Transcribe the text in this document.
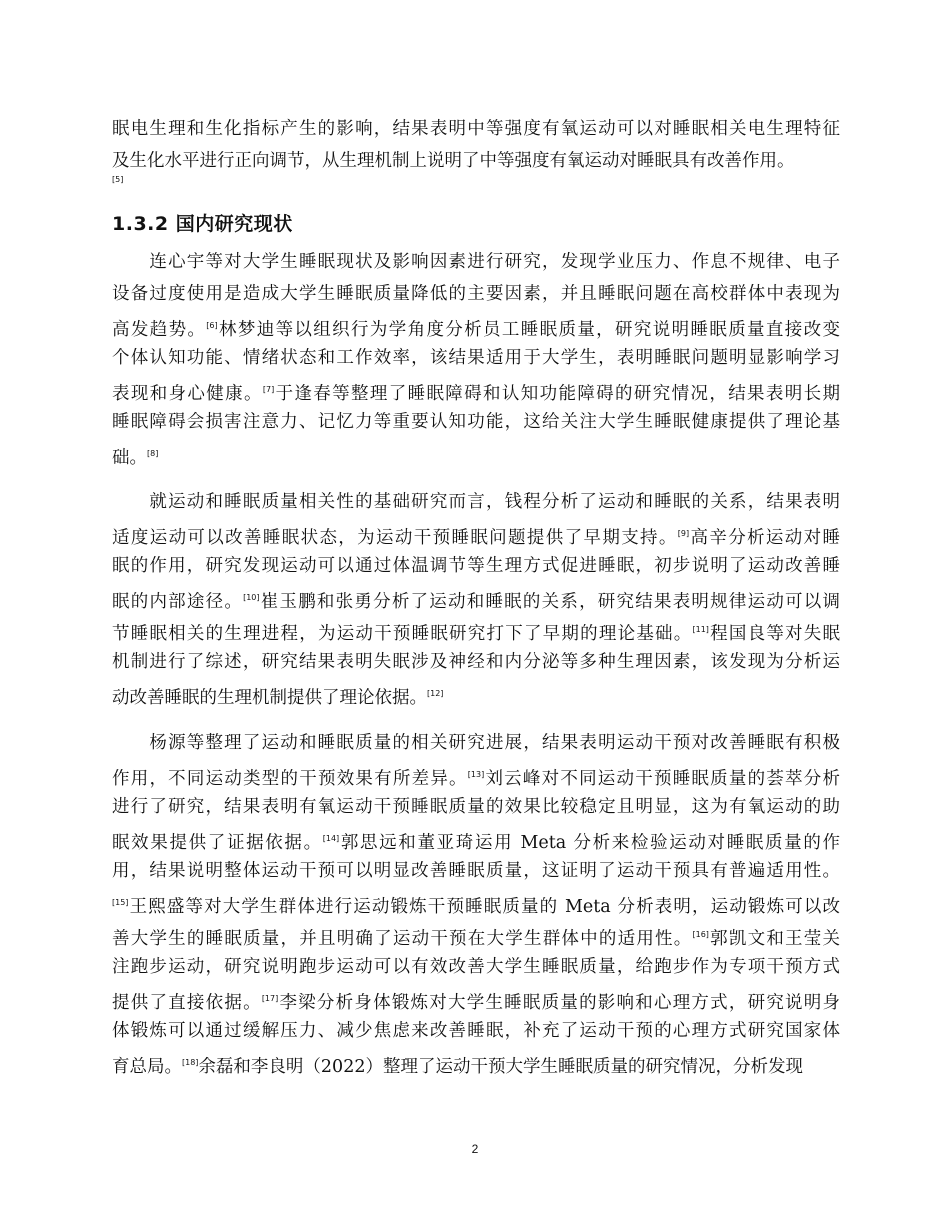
眠电生理和生化指标产生的影响，结果表明中等强度有氧运动可以对睡眠相关电生理特征
及生化水平进行正向调节，从生理机制上说明了中等强度有氧运动对睡眠具有改善作用。
[5]
1.3.2 国内研究现状
　　连心宇等对大学生睡眠现状及影响因素进行研究，发现学业压力、作息不规律、电子
设备过度使用是造成大学生睡眠质量降低的主要因素，并且睡眠问题在高校群体中表现为
高发趋势。[6]林梦迪等以组织行为学角度分析员工睡眠质量，研究说明睡眠质量直接改变
个体认知功能、情绪状态和工作效率，该结果适用于大学生，表明睡眠问题明显影响学习
表现和身心健康。[7]于逢春等整理了睡眠障碍和认知功能障碍的研究情况，结果表明长期
睡眠障碍会损害注意力、记忆力等重要认知功能，这给关注大学生睡眠健康提供了理论基
础。[8]
　　就运动和睡眠质量相关性的基础研究而言，钱程分析了运动和睡眠的关系，结果表明
适度运动可以改善睡眠状态，为运动干预睡眠问题提供了早期支持。[9]高辛分析运动对睡
眠的作用，研究发现运动可以通过体温调节等生理方式促进睡眠，初步说明了运动改善睡
眠的内部途径。[10]崔玉鹏和张勇分析了运动和睡眠的关系，研究结果表明规律运动可以调
节睡眠相关的生理进程，为运动干预睡眠研究打下了早期的理论基础。[11]程国良等对失眠
机制进行了综述，研究结果表明失眠涉及神经和内分泌等多种生理因素，该发现为分析运
动改善睡眠的生理机制提供了理论依据。[12]
　　杨源等整理了运动和睡眠质量的相关研究进展，结果表明运动干预对改善睡眠有积极
作用，不同运动类型的干预效果有所差异。[13]刘云峰对不同运动干预睡眠质量的荟萃分析
进行了研究，结果表明有氧运动干预睡眠质量的效果比较稳定且明显，这为有氧运动的助
眠效果提供了证据依据。[14]郭思远和董亚琦运用 Meta 分析来检验运动对睡眠质量的作
用，结果说明整体运动干预可以明显改善睡眠质量，这证明了运动干预具有普遍适用性。
[15]王熙盛等对大学生群体进行运动锻炼干预睡眠质量的 Meta 分析表明，运动锻炼可以改
善大学生的睡眠质量，并且明确了运动干预在大学生群体中的适用性。[16]郭凯文和王莹关
注跑步运动，研究说明跑步运动可以有效改善大学生睡眠质量，给跑步作为专项干预方式
提供了直接依据。[17]李梁分析身体锻炼对大学生睡眠质量的影响和心理方式，研究说明身
体锻炼可以通过缓解压力、减少焦虑来改善睡眠，补充了运动干预的心理方式研究国家体
育总局。[18]余磊和李良明（2022）整理了运动干预大学生睡眠质量的研究情况，分析发现
2
